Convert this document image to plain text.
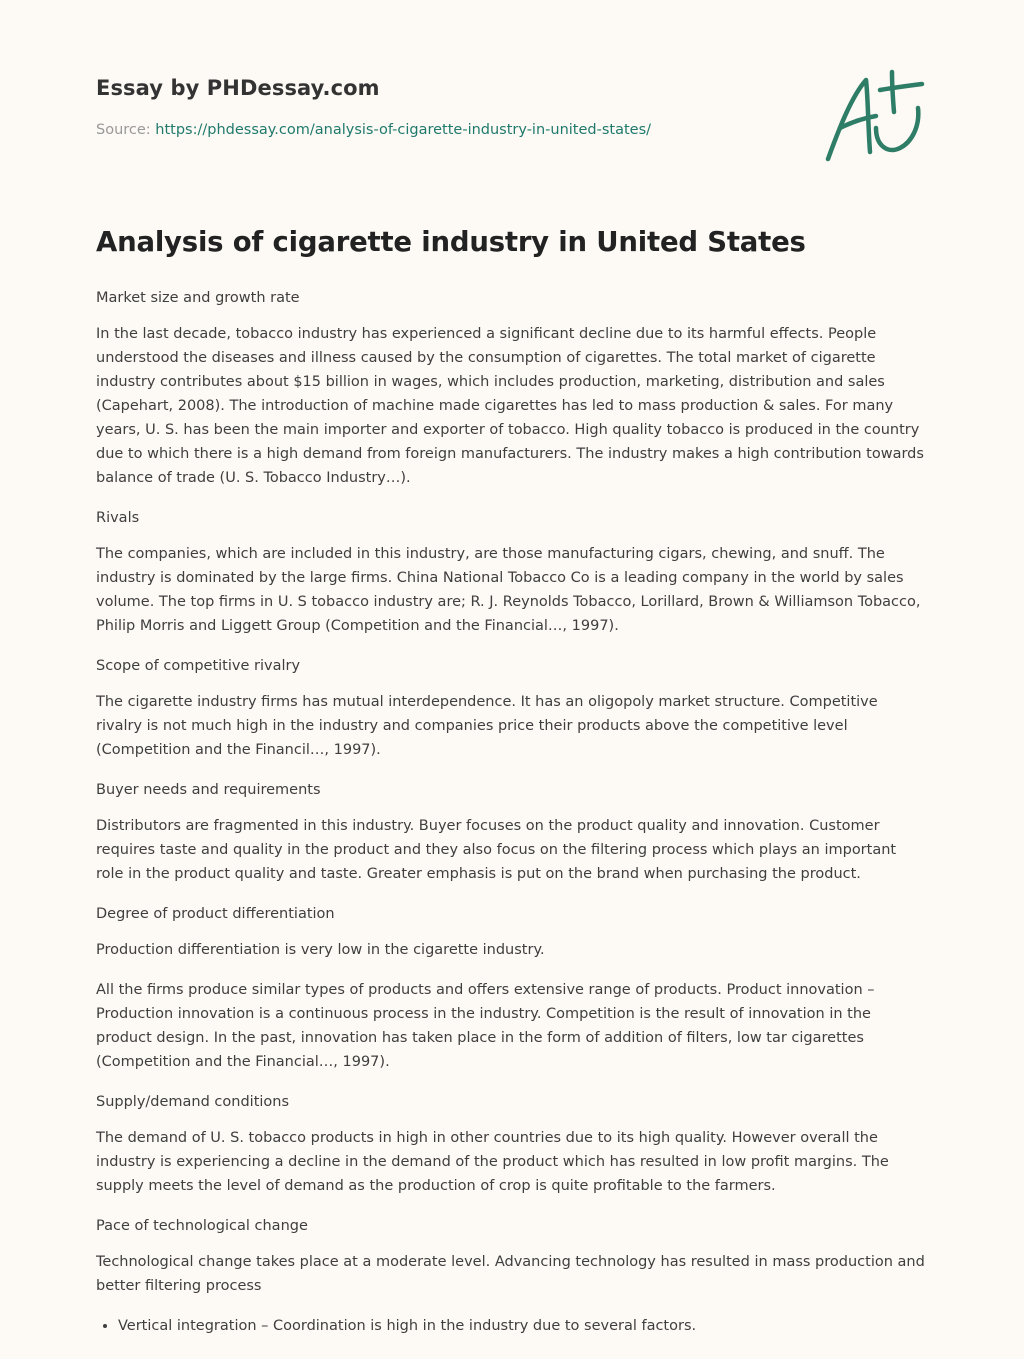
Essay by PHDessay.com

Source: https://phdessay.com/analysis-of-cigarette-industry-in-united-states/
Analysis of cigarette industry in United States

Market size and growth rate

In the last decade, tobacco industry has experienced a significant decline due to its harmful effects. People understood the diseases and illness caused by the consumption of cigarettes. The total market of cigarette industry contributes about $15 billion in wages, which includes production, marketing, distribution and sales (Capehart, 2008). The introduction of machine made cigarettes has led to mass production & sales. For many years, U. S. has been the main importer and exporter of tobacco. High quality tobacco is produced in the country due to which there is a high demand from foreign manufacturers. The industry makes a high contribution towards balance of trade (U. S. Tobacco Industry…).

Rivals

The companies, which are included in this industry, are those manufacturing cigars, chewing, and snuff. The industry is dominated by the large firms. China National Tobacco Co is a leading company in the world by sales volume. The top firms in U. S tobacco industry are; R. J. Reynolds Tobacco, Lorillard, Brown & Williamson Tobacco, Philip Morris and Liggett Group (Competition and the Financial…, 1997).

Scope of competitive rivalry

The cigarette industry firms has mutual interdependence. It has an oligopoly market structure. Competitive rivalry is not much high in the industry and companies price their products above the competitive level (Competition and the Financil…, 1997).

Buyer needs and requirements

Distributors are fragmented in this industry. Buyer focuses on the product quality and innovation. Customer requires taste and quality in the product and they also focus on the filtering process which plays an important role in the product quality and taste. Greater emphasis is put on the brand when purchasing the product.

Degree of product differentiation

Production differentiation is very low in the cigarette industry.

All the firms produce similar types of products and offers extensive range of products. Product innovation – Production innovation is a continuous process in the industry. Competition is the result of innovation in the product design. In the past, innovation has taken place in the form of addition of filters, low tar cigarettes (Competition and the Financial…, 1997).

Supply/demand conditions

The demand of U. S. tobacco products in high in other countries due to its high quality. However overall the industry is experiencing a decline in the demand of the product which has resulted in low profit margins. The supply meets the level of demand as the production of crop is quite profitable to the farmers.

Pace of technological change

Technological change takes place at a moderate level. Advancing technology has resulted in mass production and better filtering process

• Vertical integration – Coordination is high in the industry due to several factors.
